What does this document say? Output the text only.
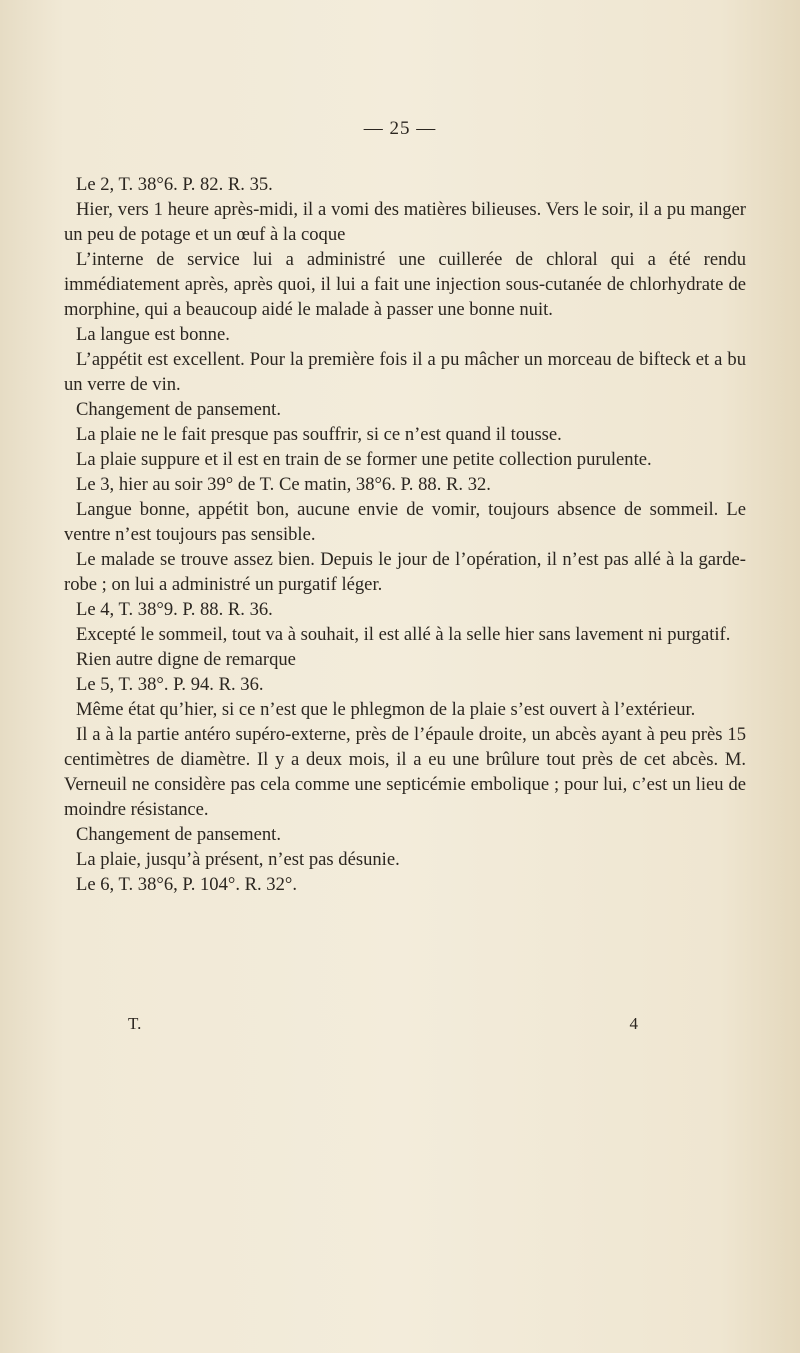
— 25 —

Le 2, T. 38°6. P. 82. R. 35.

Hier, vers 1 heure après-midi, il a vomi des matières bilieuses. Vers le soir, il a pu manger un peu de potage et un œuf à la coque

L’interne de service lui a administré une cuillerée de chloral qui a été rendu immédiatement après, après quoi, il lui a fait une injection sous-cutanée de chlorhydrate de morphine, qui a beaucoup aidé le malade à passer une bonne nuit.

La langue est bonne.

L’appétit est excellent. Pour la première fois il a pu mâcher un morceau de bifteck et a bu un verre de vin.

Changement de pansement.

La plaie ne le fait presque pas souffrir, si ce n’est quand il tousse.

La plaie suppure et il est en train de se former une petite collection purulente.

Le 3, hier au soir 39° de T. Ce matin, 38°6. P. 88. R. 32.

Langue bonne, appétit bon, aucune envie de vomir, toujours absence de sommeil. Le ventre n’est toujours pas sensible.

Le malade se trouve assez bien. Depuis le jour de l’opération, il n’est pas allé à la garde-robe ; on lui a administré un purgatif léger.

Le 4, T. 38°9. P. 88. R. 36.

Excepté le sommeil, tout va à souhait, il est allé à la selle hier sans lavement ni purgatif.

Rien autre digne de remarque

Le 5, T. 38°. P. 94. R. 36.

Même état qu’hier, si ce n’est que le phlegmon de la plaie s’est ouvert à l’extérieur.

Il a à la partie antéro supéro-externe, près de l’épaule droite, un abcès ayant à peu près 15 centimètres de diamètre. Il y a deux mois, il a eu une brûlure tout près de cet abcès. M. Verneuil ne considère pas cela comme une septicémie embolique ; pour lui, c’est un lieu de moindre résistance.

Changement de pansement.

La plaie, jusqu’à présent, n’est pas désunie.

Le 6, T. 38°6, P. 104°. R. 32°.

T.	4
